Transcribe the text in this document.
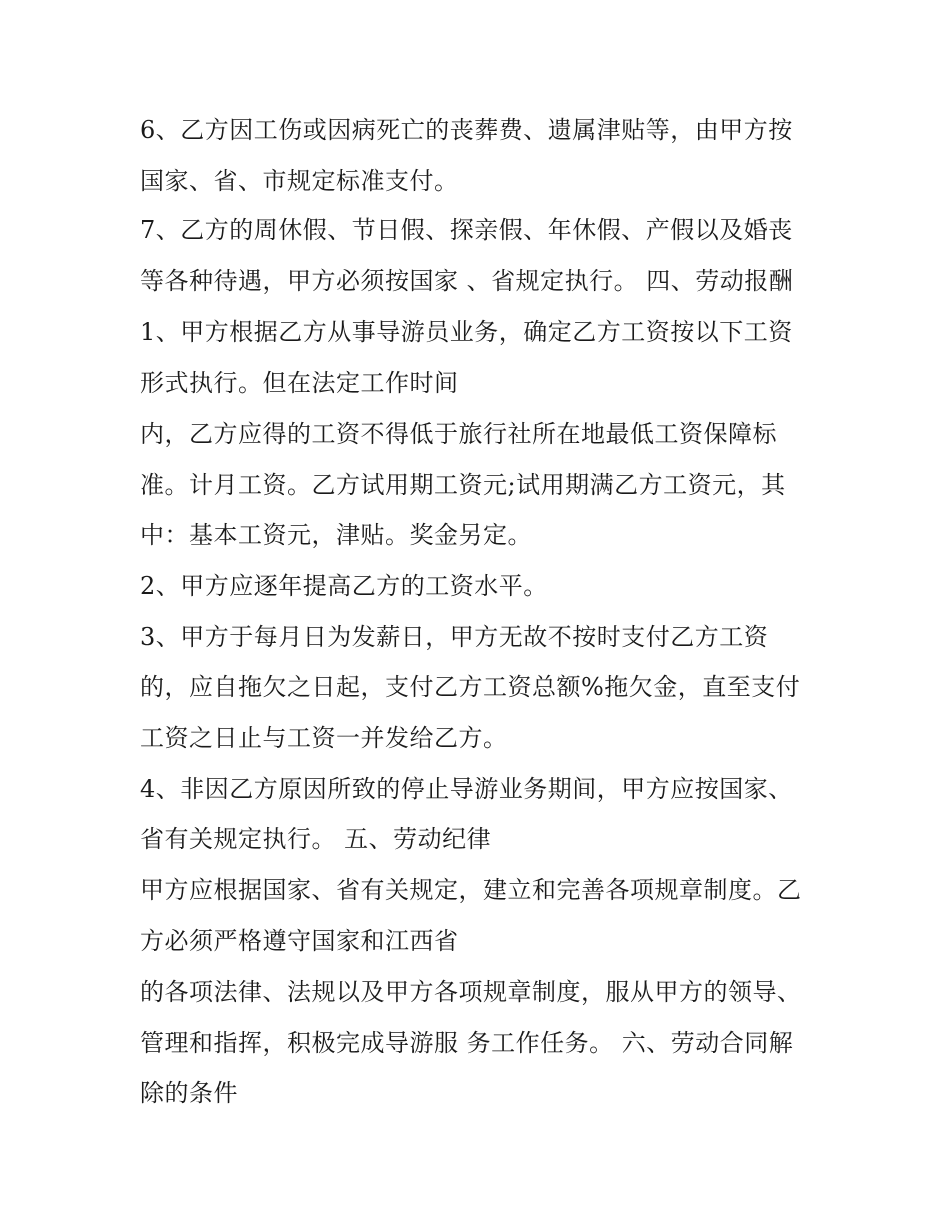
6、乙方因工伤或因病死亡的丧葬费、遗属津贴等，由甲方按
国家、省、市规定标准支付。
7、乙方的周休假、节日假、探亲假、年休假、产假以及婚丧
等各种待遇，甲方必须按国家 、省规定执行。 四、劳动报酬
1、甲方根据乙方从事导游员业务，确定乙方工资按以下工资
形式执行。但在法定工作时间
内，乙方应得的工资不得低于旅行社所在地最低工资保障标
准。计月工资。乙方试用期工资元;试用期满乙方工资元，其
中：基本工资元，津贴。奖金另定。
2、甲方应逐年提高乙方的工资水平。
3、甲方于每月日为发薪日，甲方无故不按时支付乙方工资
的，应自拖欠之日起，支付乙方工资总额%拖欠金，直至支付
工资之日止与工资一并发给乙方。
4、非因乙方原因所致的停止导游业务期间，甲方应按国家、
省有关规定执行。 五、劳动纪律
甲方应根据国家、省有关规定，建立和完善各项规章制度。乙
方必须严格遵守国家和江西省
的各项法律、法规以及甲方各项规章制度，服从甲方的领导、
管理和指挥，积极完成导游服 务工作任务。 六、劳动合同解
除的条件
